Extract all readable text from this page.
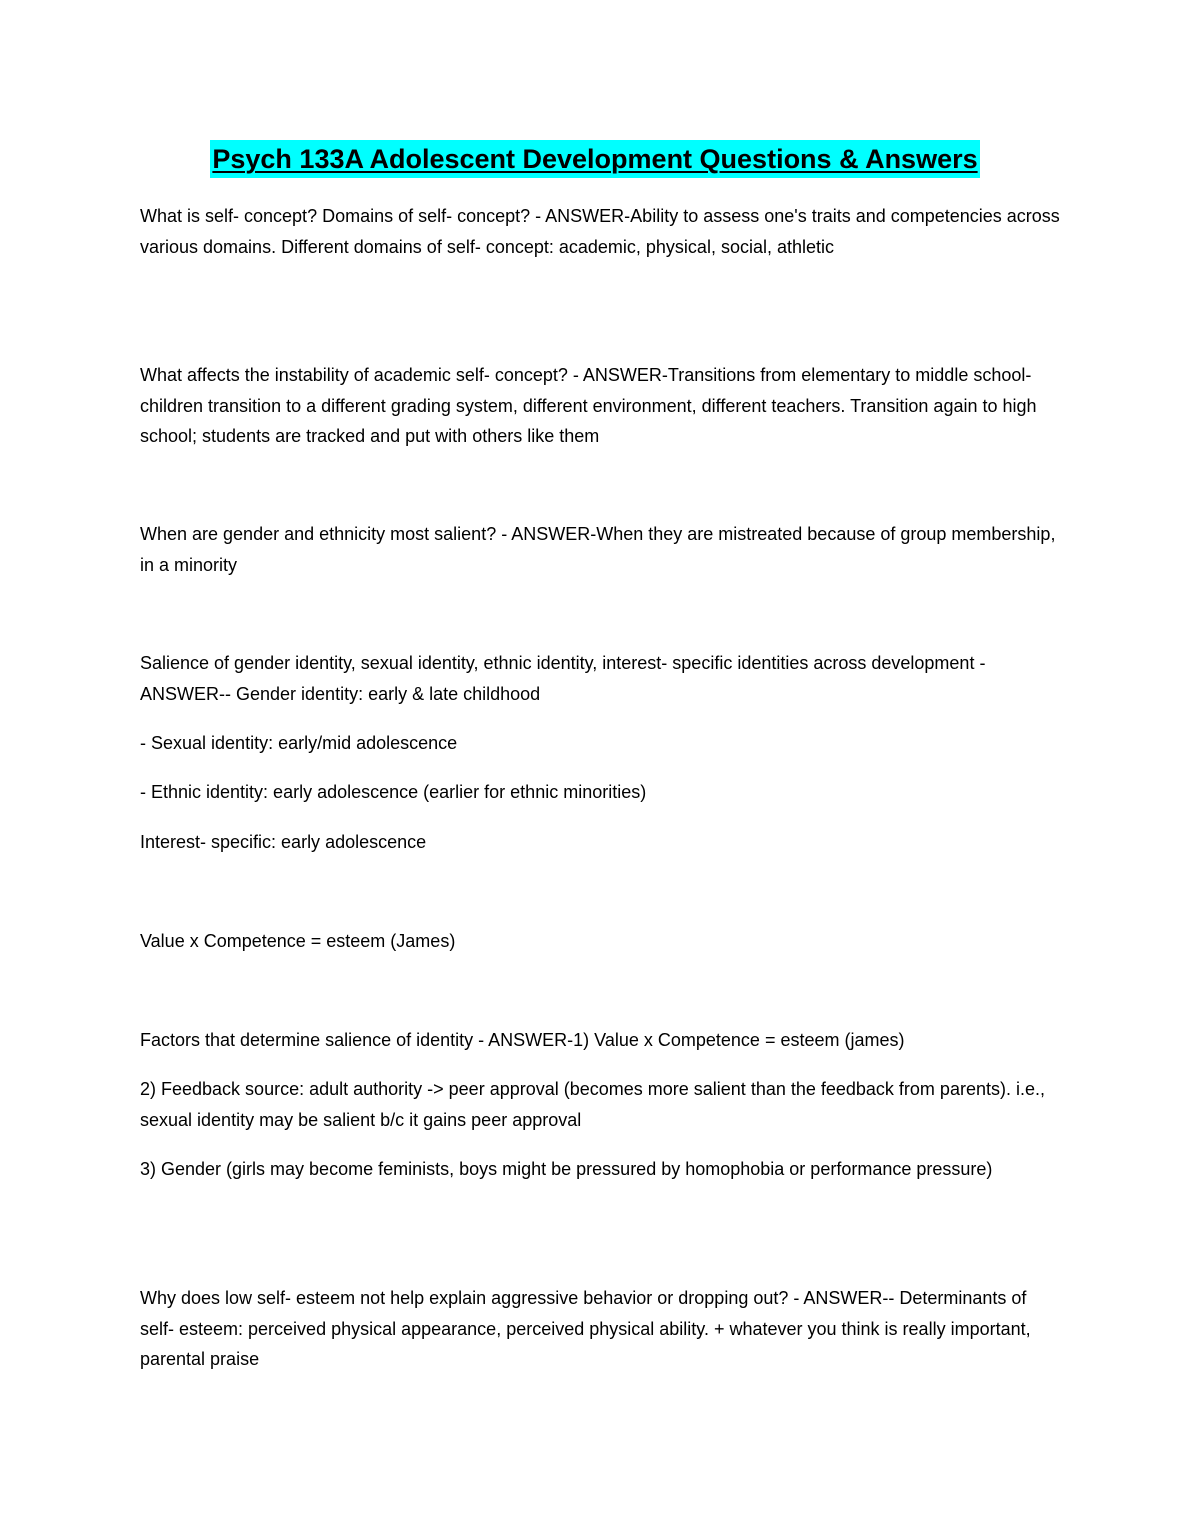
Psych 133A Adolescent Development Questions & Answers

What is self- concept? Domains of self- concept? - ANSWER-Ability to assess one's traits and competencies across various domains. Different domains of self- concept: academic, physical, social, athletic

What affects the instability of academic self- concept? - ANSWER-Transitions from elementary to middle school- children transition to a different grading system, different environment, different teachers. Transition again to high school; students are tracked and put with others like them

When are gender and ethnicity most salient? - ANSWER-When they are mistreated because of group membership, in a minority

Salience of gender identity, sexual identity, ethnic identity, interest- specific identities across development - ANSWER-- Gender identity: early & late childhood

- Sexual identity: early/mid adolescence

- Ethnic identity: early adolescence (earlier for ethnic minorities)

Interest- specific: early adolescence

Value x Competence = esteem (James)

Factors that determine salience of identity - ANSWER-1) Value x Competence = esteem (james)

2) Feedback source: adult authority -> peer approval (becomes more salient than the feedback from parents). i.e., sexual identity may be salient b/c it gains peer approval

3) Gender (girls may become feminists, boys might be pressured by homophobia or performance pressure)

Why does low self- esteem not help explain aggressive behavior or dropping out? - ANSWER-- Determinants of self- esteem: perceived physical appearance, perceived physical ability. + whatever you think is really important, parental praise
